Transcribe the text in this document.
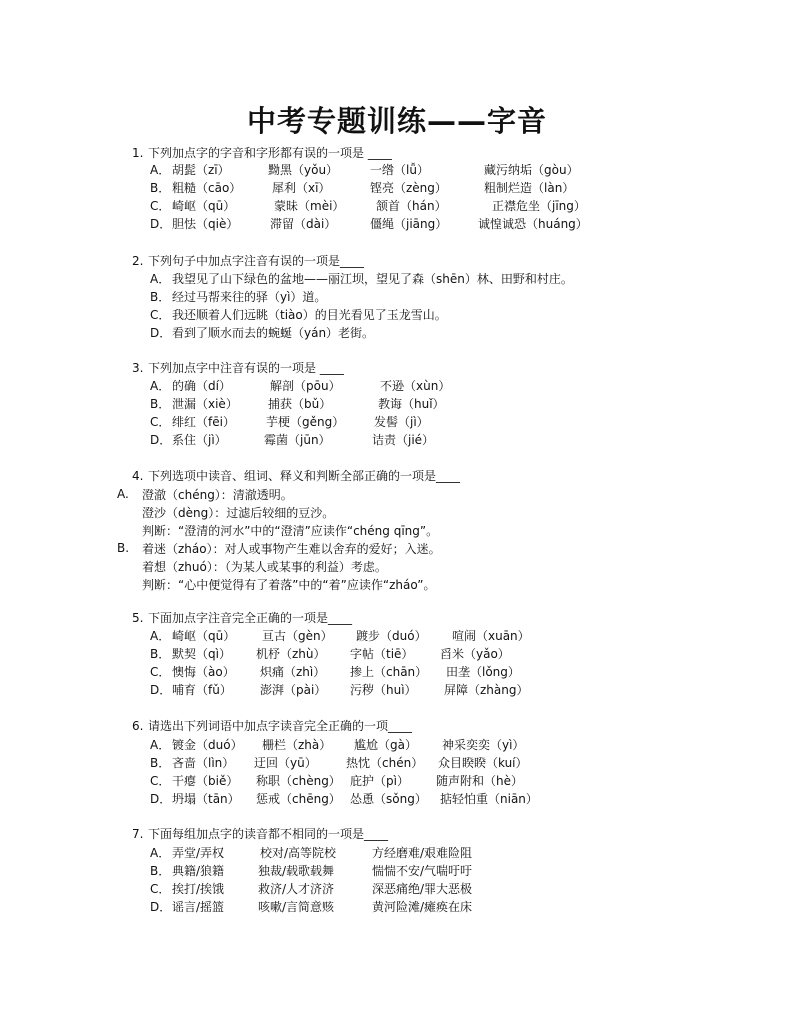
中考专题训练——字音
1. 下列加点字的字音和字形都有误的一项是 ____
A． 胡髭（zī）	黝黑（yǒu）	一绺（lǚ）	藏污纳垢（gòu）
B． 粗糙（cāo）	犀利（xī）	铿亮（zèng）	粗制烂造（làn）
C． 崎岖（qū）	蒙昧（mèi）	颔首（hán）	正襟危坐（jīng）
D． 胆怯（qiè）	滞留（dài）	僵绳（jiāng）	诚惶诚恐（huáng）
2. 下列句子中加点字注音有误的一项是____
A． 我望见了山下绿色的盆地——丽江坝，望见了森（shēn）林、田野和村庄。
B． 经过马帮来往的驿（yì）道。
C． 我还顺着人们远眺（tiào）的目光看见了玉龙雪山。
D． 看到了顺水而去的蜿蜒（yán）老街。
3. 下列加点字中注音有误的一项是 ____
A． 的确（dí）	解剖（pōu）	不逊（xùn）
B． 泄漏（xiè）	捕获（bǔ）	教诲（huǐ）
C． 绯红（fēi）	芋梗（gěng） 发髻（jì）
D． 系住（jì）	霉菌（jūn）	诘责（jié）
4. 下列选项中读音、组词、释义和判断全部正确的一项是____
A. 澄澈（chéng）：清澈透明。
澄沙（dèng）：过滤后较细的豆沙。
判断：“澄清的河水”中的“澄清”应读作“chéng qīng”。
B. 着迷（zháo）：对人或事物产生难以舍弃的爱好；入迷。
着想（zhuó）：（为某人或某事的利益）考虑。
判断：“心中便觉得有了着落”中的“着”应读作“zháo”。
5. 下面加点字注音完全正确的一项是____
A． 崎岖（qū） 亘古（gèn） 踱步（duó） 喧闹（xuān）
B． 默契（qì） 机杼（zhù） 字帖（tiē） 舀米（yǎo）
C． 懊悔（ào） 炽痛（zhì） 掺上（chān） 田垄（lǒng）
D． 哺育（fǔ） 澎湃（pài） 污秽（huì） 屏障（zhàng）
6. 请选出下列词语中加点字读音完全正确的一项____
A． 镀金（duó） 栅栏（zhà） 尴尬（gà） 神采奕奕（yì）
B． 吝啬（lìn） 迂回（yū） 热忱（chén） 众目睽睽（kuí）
C． 干瘪（biě） 称职（chèng） 庇护（pì） 随声附和（hè）
D． 坍塌（tān） 惩戒（chēng） 怂恿（sǒng） 掂轻怕重（niān）
7. 下面每组加点字的读音都不相同的一项是____
A． 弄堂/弄权	校对/高等院校	方经磨难/艰难险阻
B． 典籍/狼籍	独裁/载歌载舞	惴惴不安/气喘吁吁
C． 挨打/挨饿	救济/人才济济	深恶痛绝/罪大恶极
D． 谣言/摇篮	咳嗽/言简意赅	黄河险滩/瘫痪在床
